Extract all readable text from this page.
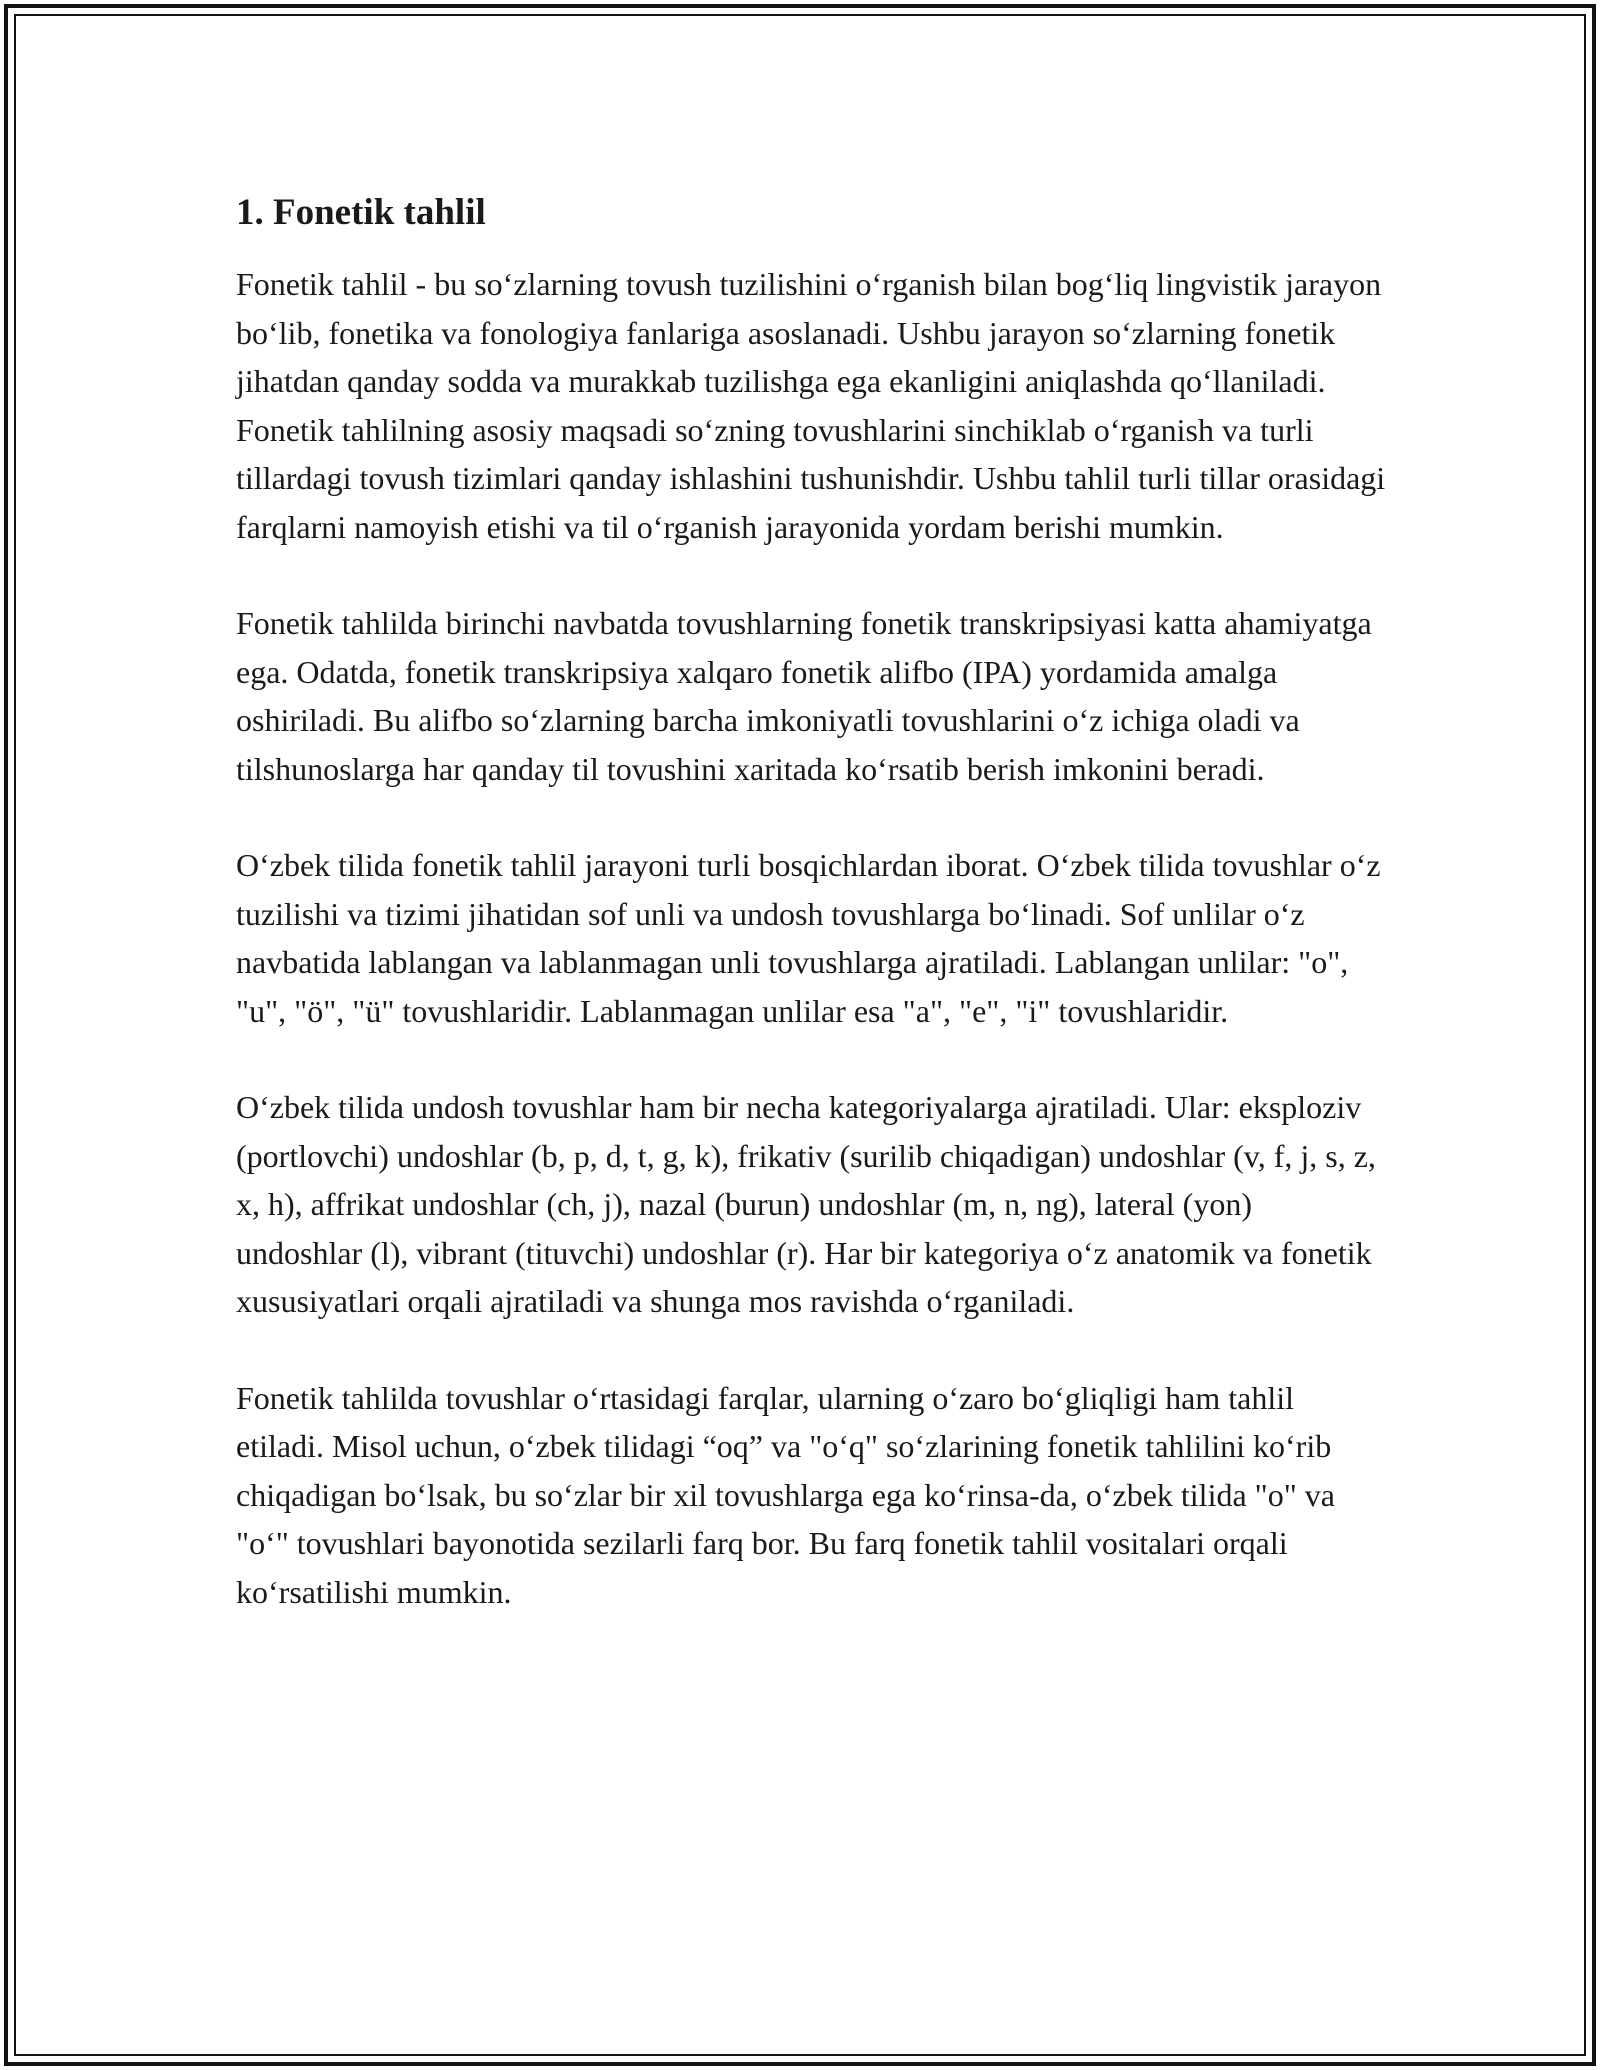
1. Fonetik tahlil

Fonetik tahlil - bu so‘zlarning tovush tuzilishini o‘rganish bilan bog‘liq lingvistik jarayon bo‘lib, fonetika va fonologiya fanlariga asoslanadi. Ushbu jarayon so‘zlarning fonetik jihatdan qanday sodda va murakkab tuzilishga ega ekanligini aniqlashda qo‘llaniladi. Fonetik tahlilning asosiy maqsadi so‘zning tovushlarini sinchiklab o‘rganish va turli tillardagi tovush tizimlari qanday ishlashini tushunishdir. Ushbu tahlil turli tillar orasidagi farqlarni namoyish etishi va til o‘rganish jarayonida yordam berishi mumkin.

Fonetik tahlilda birinchi navbatda tovushlarning fonetik transkripsiyasi katta ahamiyatga ega. Odatda, fonetik transkripsiya xalqaro fonetik alifbo (IPA) yordamida amalga oshiriladi. Bu alifbo so‘zlarning barcha imkoniyatli tovushlarini o‘z ichiga oladi va tilshunoslarga har qanday til tovushini xaritada ko‘rsatib berish imkonini beradi.

O‘zbek tilida fonetik tahlil jarayoni turli bosqichlardan iborat. O‘zbek tilida tovushlar o‘z tuzilishi va tizimi jihatidan sof unli va undosh tovushlarga bo‘linadi. Sof unlilar o‘z navbatida lablangan va lablanmagan unli tovushlarga ajratiladi. Lablangan unlilar: "o", "u", "ö", "ü" tovushlaridir. Lablanmagan unlilar esa "a", "e", "i" tovushlaridir.

O‘zbek tilida undosh tovushlar ham bir necha kategoriyalarga ajratiladi. Ular: eksploziv (portlovchi) undoshlar (b, p, d, t, g, k), frikativ (surilib chiqadigan) undoshlar (v, f, j, s, z, x, h), affrikat undoshlar (ch, j), nazal (burun) undoshlar (m, n, ng), lateral (yon) undoshlar (l), vibrant (tituvchi) undoshlar (r). Har bir kategoriya o‘z anatomik va fonetik xususiyatlari orqali ajratiladi va shunga mos ravishda o‘rganiladi.

Fonetik tahlilda tovushlar o‘rtasidagi farqlar, ularning o‘zaro bo‘gliqligi ham tahlil etiladi. Misol uchun, o‘zbek tilidagi “oq” va "o‘q" so‘zlarining fonetik tahlilini ko‘rib chiqadigan bo‘lsak, bu so‘zlar bir xil tovushlarga ega ko‘rinsa-da, o‘zbek tilida "o" va "o‘" tovushlari bayonotida sezilarli farq bor. Bu farq fonetik tahlil vositalari orqali ko‘rsatilishi mumkin.
